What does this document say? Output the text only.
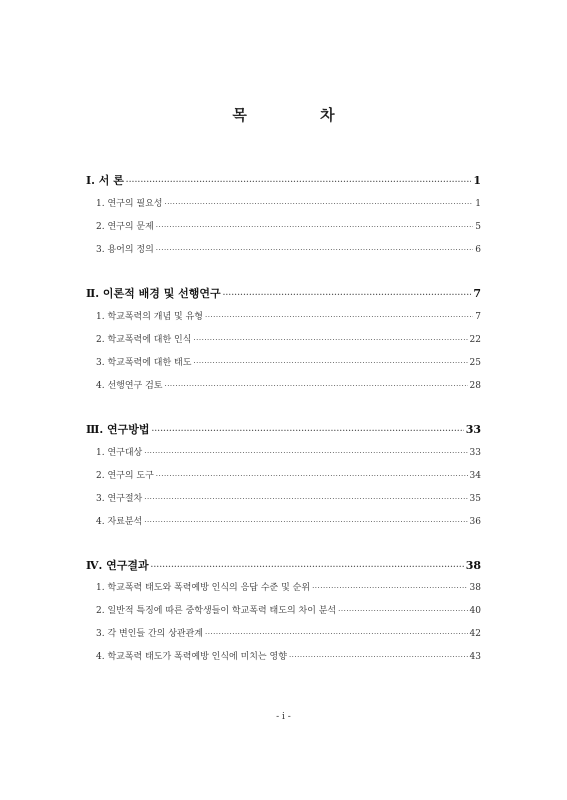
목 차
Ⅰ. 서 론 ·····	1
1. 연구의 필요성 ·····	1
2. 연구의 문제 ·····	5
3. 용어의 정의 ·····	6
Ⅱ. 이론적 배경 및 선행연구 ·····	7
1. 학교폭력의 개념 및 유형 ·····	7
2. 학교폭력에 대한 인식 ·····	22
3. 학교폭력에 대한 태도 ·····	25
4. 선행연구 검토 ·····	28
Ⅲ. 연구방법 ·····	33
1. 연구대상 ·····	33
2. 연구의 도구 ·····	34
3. 연구절차 ·····	35
4. 자료분석 ·····	36
Ⅳ. 연구결과 ·····	38
1. 학교폭력 태도와 폭력예방 인식의 응답 수준 및 순위 ·····	38
2. 일반적 특징에 따른 중학생들이 학교폭력 태도의 차이 분석 ·····	40
3. 각 변인들 간의 상관관계 ·····	42
4. 학교폭력 태도가 폭력예방 인식에 미치는 영향 ·····	43
- i -
